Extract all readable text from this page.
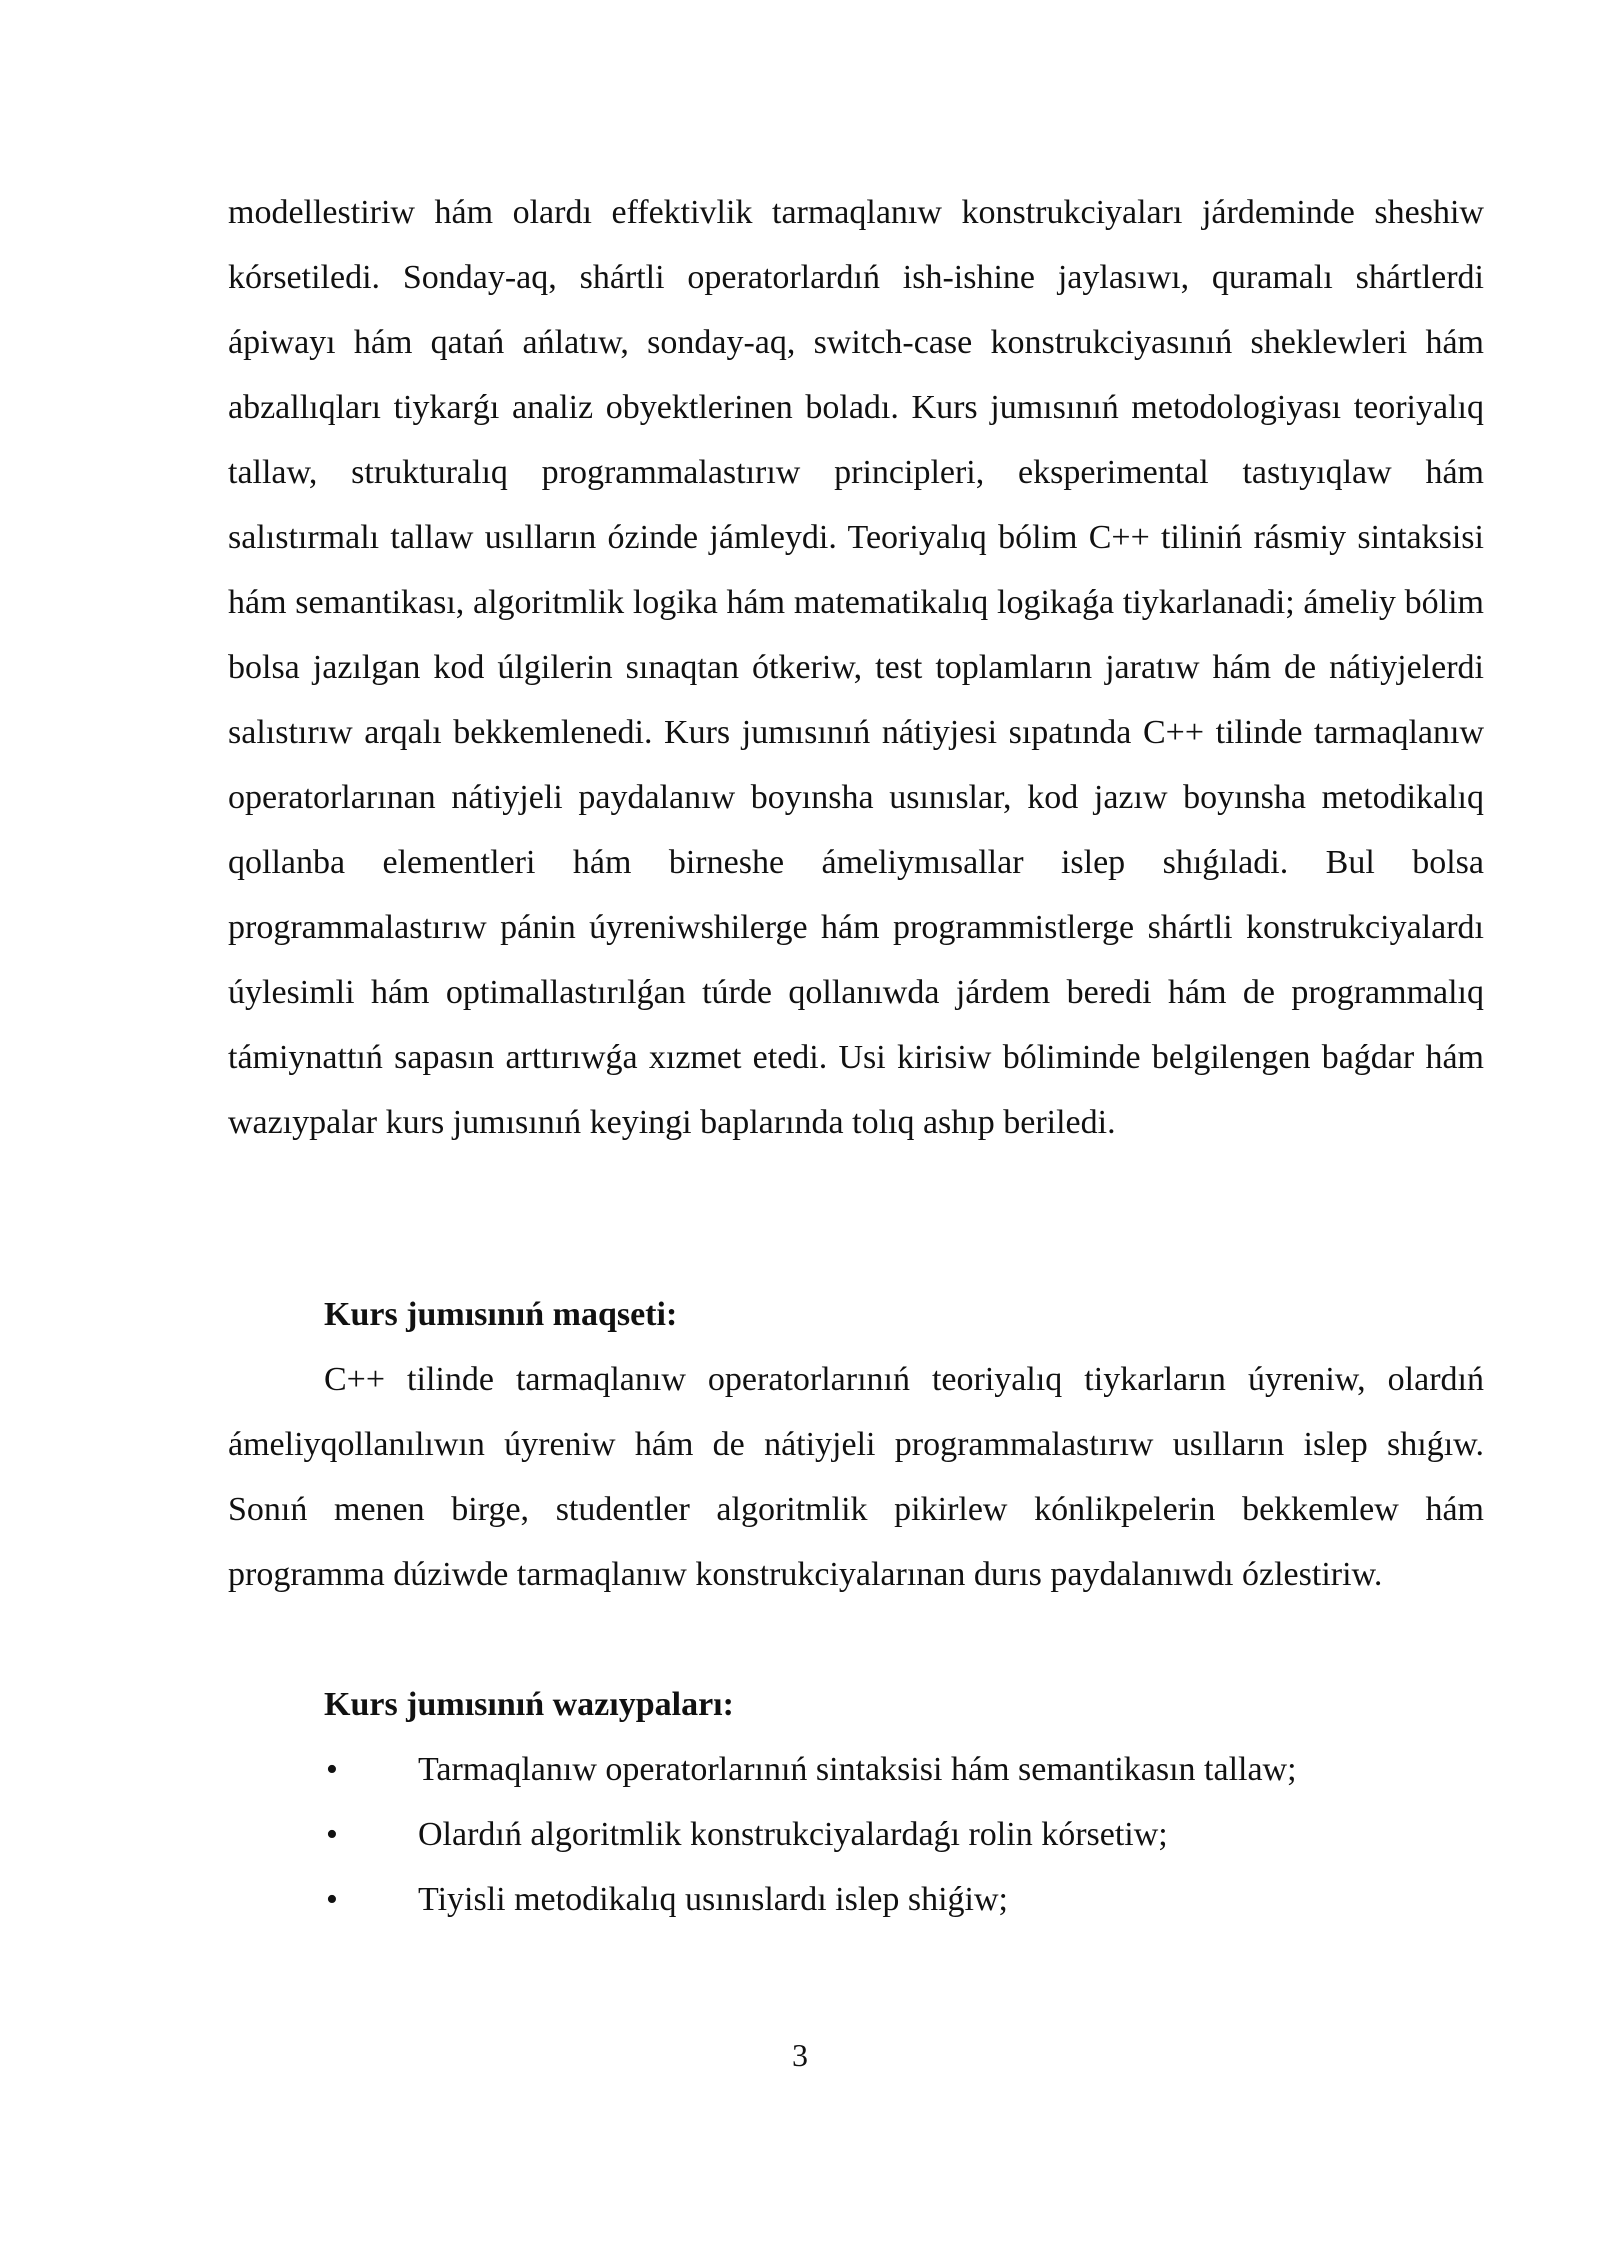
modellestiriw hám olardı effektivlik tarmaqlanıw konstrukciyaları járdeminde sheshiw kórsetiledi. Sonday-aq, shártli operatorlardıń ish-ishine jaylasıwı, quramalı shártlerdi ápiwayı hám qatań ańlatıw, sonday-aq, switch-case konstrukciyasınıń sheklewleri hám abzallıqları tiykarǵı analiz obyektlerinen boladı. Kurs jumısınıń metodologiyası teoriyalıq tallaw, strukturalıq programmalastırıw principleri, eksperimental tastıyıqlaw hám salıstırmalı tallaw usılların ózinde jámleydi. Teoriyalıq bólim C++ tiliniń rásmiy sintaksisi hám semantikası, algoritmlik logika hám matematikalıq logikaǵa tiykarlanadi; ámeliy bólim bolsa jazılgan kod úlgilerin sınaqtan ótkeriw, test toplamların jaratıw hám de nátiyjelerdi salıstırıw arqalı bekkemlenedi. Kurs jumısınıń nátiyjesi sıpatında C++ tilinde tarmaqlanıw operatorlarınan nátiyjeli paydalanıw boyınsha usınıslar, kod jazıw boyınsha metodikalıq qollanba elementleri hám birneshe ámeliymısallar islep shıǵıladi. Bul bolsa programmalastırıw pánin úyreniwshilerge hám programmistlerge shártli konstrukciyalardı úylesimli hám optimallastırılǵan túrde qollanıwda járdem beredi hám de programmalıq támiynattıń sapasın arttırıwǵa xızmet etedi. Usi kirisiw bóliminde belgilengen baǵdar hám wazıypalar kurs jumısınıń keyingi baplarında tolıq ashıp beriledi.

Kurs jumısınıń maqseti:

C++ tilinde tarmaqlanıw operatorlarınıń teoriyalıq tiykarların úyreniw, olardıń ámeliyqollanılıwın úyreniw hám de nátiyjeli programmalastırıw usılların islep shıǵıw. Sonıń menen birge, studentler algoritmlik pikirlew kónlikpelerin bekkemlew hám programma dúziwde tarmaqlanıw konstrukciyalarınan durıs paydalanıwdı ózlestiriw.

Kurs jumısınıń wazıypaları:
• Tarmaqlanıw operatorlarınıń sintaksisi hám semantikasın tallaw;
• Olardıń algoritmlik konstrukciyalardaǵı rolin kórsetiw;
• Tiyisli metodikalıq usınıslardı islep shiǵiw;
3
